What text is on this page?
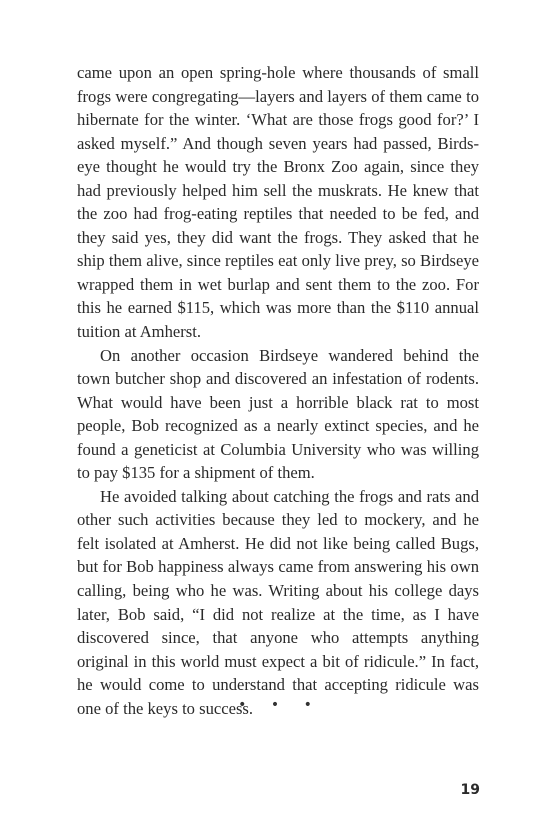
came upon an open spring-hole where thousands of small frogs were congregating—layers and layers of them came to hibernate for the winter. ‘What are those frogs good for?’ I asked myself.” And though seven years had passed, Birdseye thought he would try the Bronx Zoo again, since they had previously helped him sell the muskrats. He knew that the zoo had frog-eating reptiles that needed to be fed, and they said yes, they did want the frogs. They asked that he ship them alive, since reptiles eat only live prey, so Birdseye wrapped them in wet burlap and sent them to the zoo. For this he earned $115, which was more than the $110 annual tuition at Amherst.

On another occasion Birdseye wandered behind the town butcher shop and discovered an infestation of rodents. What would have been just a horrible black rat to most people, Bob recognized as a nearly extinct species, and he found a geneticist at Columbia University who was willing to pay $135 for a shipment of them.

He avoided talking about catching the frogs and rats and other such activities because they led to mockery, and he felt isolated at Amherst. He did not like being called Bugs, but for Bob happiness always came from answering his own calling, being who he was. Writing about his college days later, Bob said, “I did not realize at the time, as I have discovered since, that anyone who attempts anything original in this world must expect a bit of ridicule.” In fact, he would come to understand that accepting ridicule was one of the keys to success.

• • •
19
